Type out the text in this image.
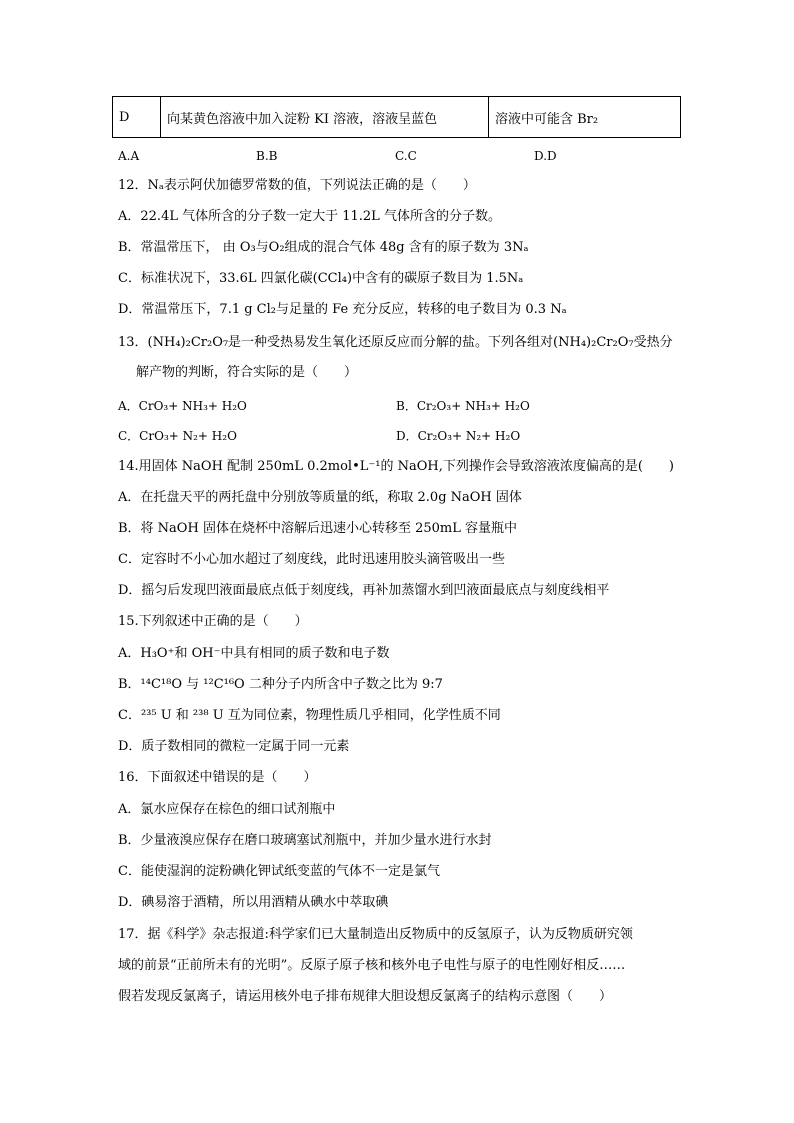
D	向某黄色溶液中加入淀粉 KI 溶液，溶液呈蓝色	溶液中可能含 Br₂
A.A	B.B	C.C	D.D
12．Nₐ表示阿伏加德罗常数的值，下列说法正确的是（　　）
A．22.4L 气体所含的分子数一定大于 11.2L 气体所含的分子数。
B．常温常压下， 由 O₃与O₂组成的混合气体 48g 含有的原子数为 3Nₐ
C．标准状况下，33.6L 四氯化碳(CCl₄)中含有的碳原子数目为 1.5Nₐ
D．常温常压下，7.1 g Cl₂与足量的 Fe 充分反应，转移的电子数目为 0.3 Nₐ
13．(NH₄)₂Cr₂O₇是一种受热易发生氧化还原反应而分解的盐。下列各组对(NH₄)₂Cr₂O₇受热分
解产物的判断，符合实际的是（　　）
A．CrO₃+ NH₃+ H₂O	B．Cr₂O₃+ NH₃+ H₂O
C．CrO₃+ N₂+ H₂O	D．Cr₂O₃+ N₂+ H₂O
14.用固体 NaOH 配制 250mL 0.2mol•L⁻¹的 NaOH,下列操作会导致溶液浓度偏高的是(　　)
A．在托盘天平的两托盘中分别放等质量的纸，称取 2.0g NaOH 固体
B．将 NaOH 固体在烧杯中溶解后迅速小心转移至 250mL 容量瓶中
C．定容时不小心加水超过了刻度线，此时迅速用胶头滴管吸出一些
D．摇匀后发现凹液面最底点低于刻度线，再补加蒸馏水到凹液面最底点与刻度线相平
15.下列叙述中正确的是（　　）
A．H₃O⁺和 OH⁻中具有相同的质子数和电子数
B．¹⁴C¹⁸O 与 ¹²C¹⁶O 二种分子内所含中子数之比为 9:7
C．²³⁵ U 和 ²³⁸ U 互为同位素，物理性质几乎相同，化学性质不同
D．质子数相同的微粒一定属于同一元素
16．下面叙述中错误的是（　　）
A．氯水应保存在棕色的细口试剂瓶中
B．少量液溴应保存在磨口玻璃塞试剂瓶中，并加少量水进行水封
C．能使湿润的淀粉碘化钾试纸变蓝的气体不一定是氯气
D．碘易溶于酒精，所以用酒精从碘水中萃取碘
17．据《科学》杂志报道:科学家们已大量制造出反物质中的反氢原子，认为反物质研究领
域的前景“正前所未有的光明”。反原子原子核和核外电子电性与原子的电性刚好相反……
假若发现反氯离子，请运用核外电子排布规律大胆设想反氯离子的结构示意图（　　）
